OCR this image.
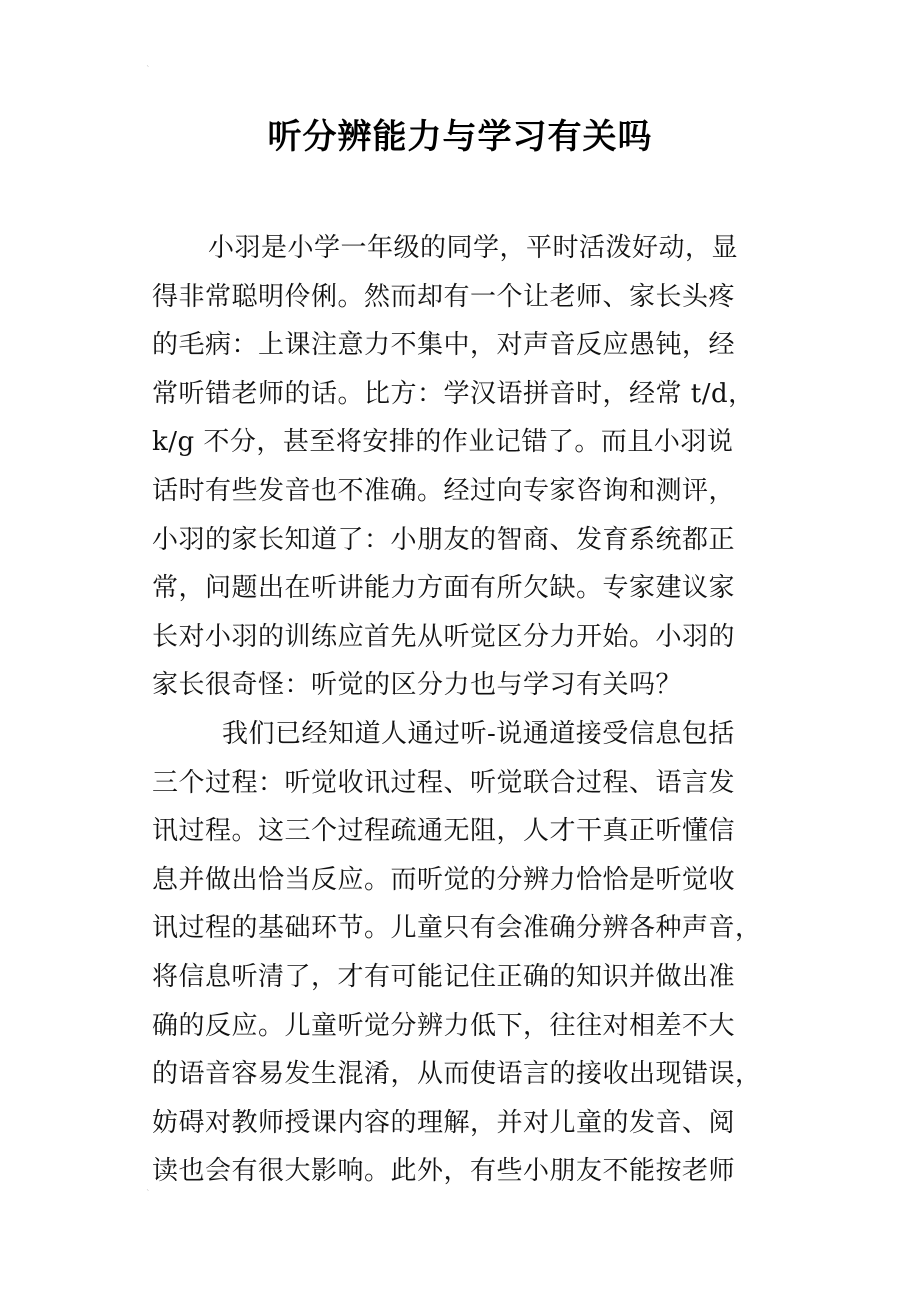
ˋ
ˋ
听分辨能力与学习有关吗
小羽是小学一年级的同学，平时活泼好动，显
得非常聪明伶俐。然而却有一个让老师、家长头疼
的毛病：上课注意力不集中，对声音反应愚钝，经
常听错老师的话。比方：学汉语拼音时，经常 t/d，
k/g 不分，甚至将安排的作业记错了。而且小羽说
话时有些发音也不准确。经过向专家咨询和测评，
小羽的家长知道了：小朋友的智商、发育系统都正
常，问题出在听讲能力方面有所欠缺。专家建议家
长对小羽的训练应首先从听觉区分力开始。小羽的
家长很奇怪：听觉的区分力也与学习有关吗？
我们已经知道人通过听-说通道接受信息包括
三个过程：听觉收讯过程、听觉联合过程、语言发
讯过程。这三个过程疏通无阻，人才干真正听懂信
息并做出恰当反应。而听觉的分辨力恰恰是听觉收
讯过程的基础环节。儿童只有会准确分辨各种声音，
将信息听清了，才有可能记住正确的知识并做出准
确的反应。儿童听觉分辨力低下，往往对相差不大
的语音容易发生混淆，从而使语言的接收出现错误，
妨碍对教师授课内容的理解，并对儿童的发音、阅
读也会有很大影响。此外，有些小朋友不能按老师
